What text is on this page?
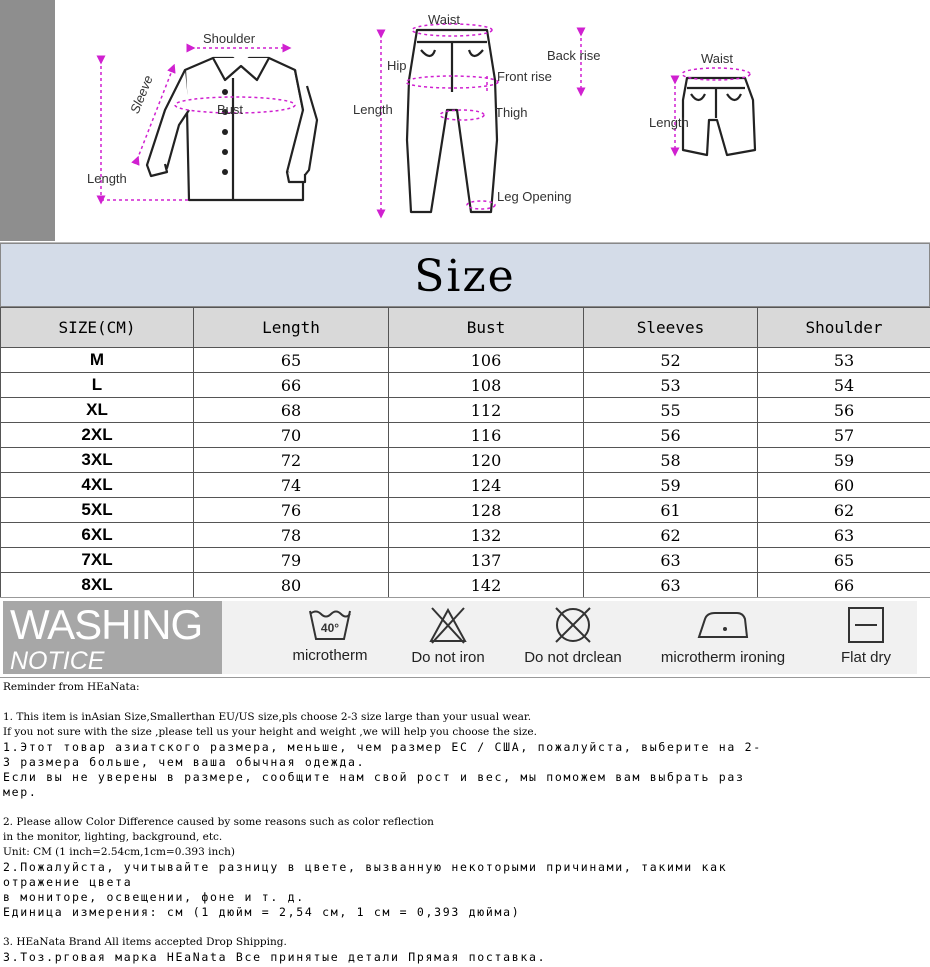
Shoulder
Bust
Sleeve
Length
Waist
Hip
Back rise
Front rise
Length	Thigh
Leg Opening
Waist
Length
Size
SIZE(CM)	Length	Bust	Sleeves	Shoulder
M	65	106	52	53
L	66	108	53	54
XL	68	112	55	56
2XL	70	116	56	57
3XL	72	120	58	59
4XL	74	124	59	60
5XL	76	128	61	62
6XL	78	132	62	63
7XL	79	137	63	65
8XL	80	142	63	66
WASHING
NOTICE
40°
microtherm	Do not iron	Do not drclean	microtherm ironing	Flat dry
Reminder from HEaNata:
1. This item is inAsian Size,Smallerthan EU/US size,pls choose 2-3 size large than your usual wear.
If you not sure with the size ,please tell us your height and weight ,we will help you choose the size.
1.Этот товар азиатского размера, меньше, чем размер ЕС / США, пожалуйста, выберите на 2-
3 размера больше, чем ваша обычная одежда.
Если вы не уверены в размере, сообщите нам свой рост и вес, мы поможем вам выбрать раз
мер.
2. Please allow Color Difference caused by some reasons such as color reflection
in the monitor, lighting, background, etc.
Unit: CM (1 inch=2.54cm,1cm=0.393 inch)
2.Пожалуйста, учитывайте разницу в цвете, вызванную некоторыми причинами, такими как
отражение цвета
в мониторе, освещении, фоне и т. д.
Единица измерения: см (1 дюйм = 2,54 см, 1 см = 0,393 дюйма)
3. HEaNata Brand All items accepted Drop Shipping.
3.Тоз.рговая марка HEaNata Все принятые детали Прямая поставка.
